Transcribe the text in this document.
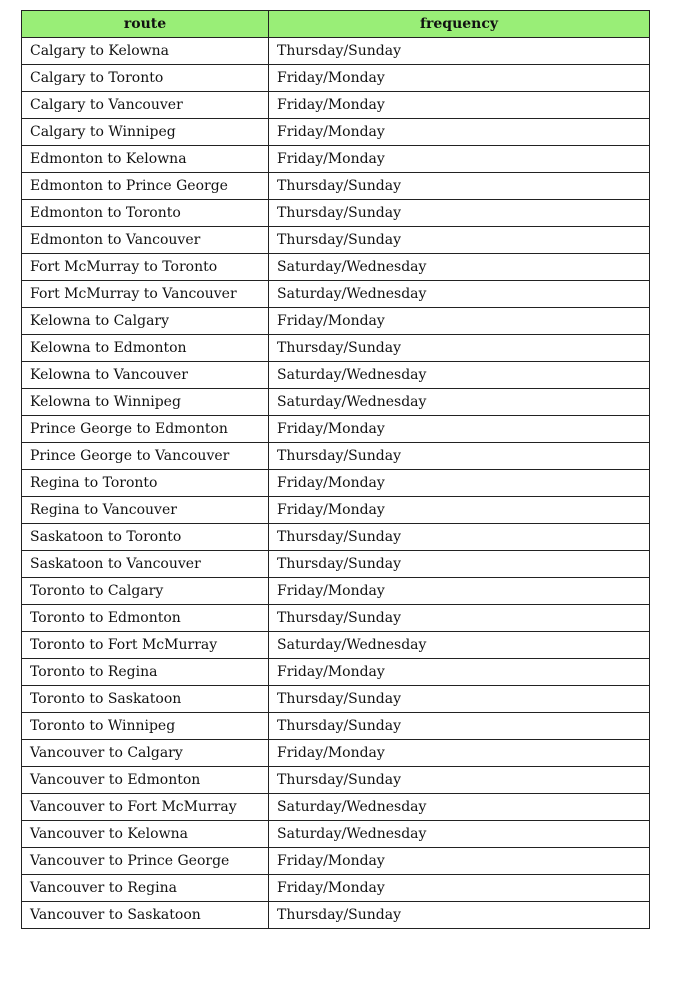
route	frequency
Calgary to Kelowna	Thursday/Sunday
Calgary to Toronto	Friday/Monday
Calgary to Vancouver	Friday/Monday
Calgary to Winnipeg	Friday/Monday
Edmonton to Kelowna	Friday/Monday
Edmonton to Prince George	Thursday/Sunday
Edmonton to Toronto	Thursday/Sunday
Edmonton to Vancouver	Thursday/Sunday
Fort McMurray to Toronto	Saturday/Wednesday
Fort McMurray to Vancouver	Saturday/Wednesday
Kelowna to Calgary	Friday/Monday
Kelowna to Edmonton	Thursday/Sunday
Kelowna to Vancouver	Saturday/Wednesday
Kelowna to Winnipeg	Saturday/Wednesday
Prince George to Edmonton	Friday/Monday
Prince George to Vancouver	Thursday/Sunday
Regina to Toronto	Friday/Monday
Regina to Vancouver	Friday/Monday
Saskatoon to Toronto	Thursday/Sunday
Saskatoon to Vancouver	Thursday/Sunday
Toronto to Calgary	Friday/Monday
Toronto to Edmonton	Thursday/Sunday
Toronto to Fort McMurray	Saturday/Wednesday
Toronto to Regina	Friday/Monday
Toronto to Saskatoon	Thursday/Sunday
Toronto to Winnipeg	Thursday/Sunday
Vancouver to Calgary	Friday/Monday
Vancouver to Edmonton	Thursday/Sunday
Vancouver to Fort McMurray	Saturday/Wednesday
Vancouver to Kelowna	Saturday/Wednesday
Vancouver to Prince George	Friday/Monday
Vancouver to Regina	Friday/Monday
Vancouver to Saskatoon	Thursday/Sunday
